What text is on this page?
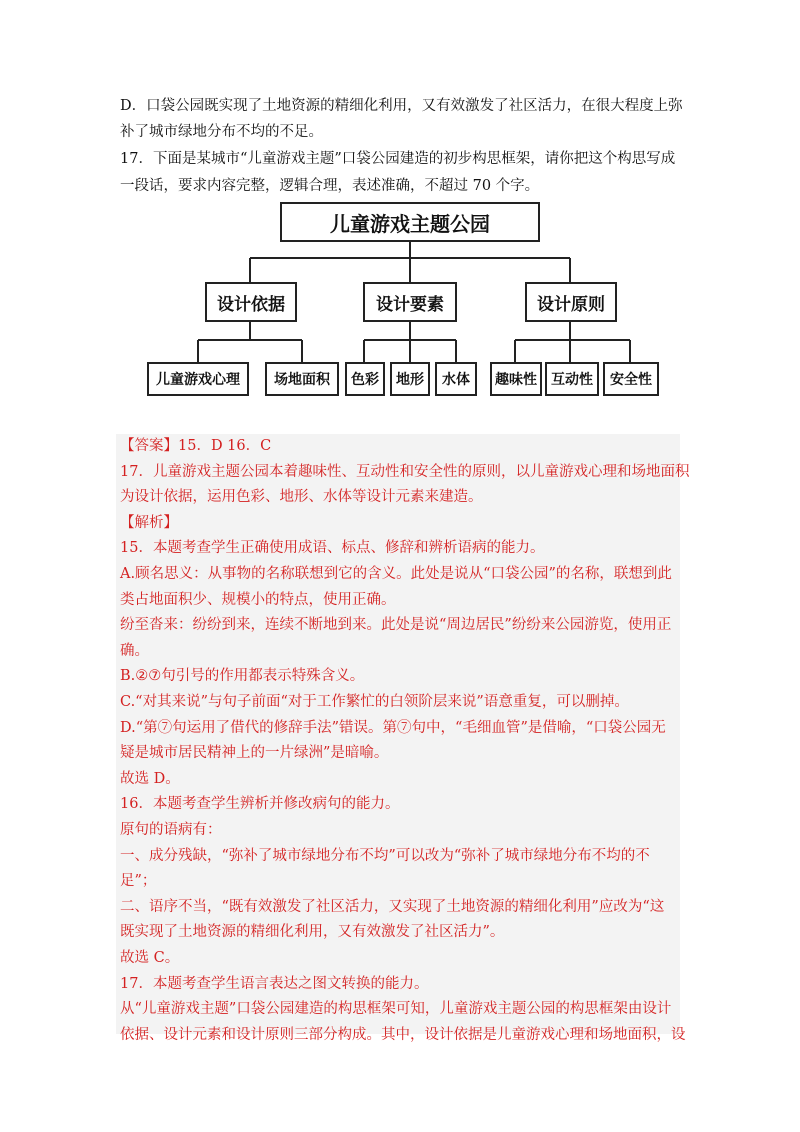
D．口袋公园既实现了土地资源的精细化利用，又有效激发了社区活力，在很大程度上弥
补了城市绿地分布不均的不足。
17．下面是某城市“儿童游戏主题”口袋公园建造的初步构思框架，请你把这个构思写成
一段话，要求内容完整，逻辑合理，表述准确，不超过 70 个字。
儿童游戏主题公园
设计依据	设计要素	设计原则
儿童游戏心理	场地面积	色彩	地形	水体	趣味性	互动性	安全性
【答案】15．D 16．C
17．儿童游戏主题公园本着趣味性、互动性和安全性的原则，以儿童游戏心理和场地面积
为设计依据，运用色彩、地形、水体等设计元素来建造。
【解析】
15．本题考查学生正确使用成语、标点、修辞和辨析语病的能力。
A.顾名思义：从事物的名称联想到它的含义。此处是说从“口袋公园”的名称，联想到此
类占地面积少、规模小的特点，使用正确。
纷至沓来：纷纷到来，连续不断地到来。此处是说“周边居民”纷纷来公园游览，使用正
确。
B.②⑦句引号的作用都表示特殊含义。
C.“对其来说”与句子前面“对于工作繁忙的白领阶层来说”语意重复，可以删掉。
D.“第⑦句运用了借代的修辞手法”错误。第⑦句中，“毛细血管”是借喻，“口袋公园无
疑是城市居民精神上的一片绿洲”是暗喻。
故选 D。
16．本题考查学生辨析并修改病句的能力。
原句的语病有：
一、成分残缺，“弥补了城市绿地分布不均”可以改为“弥补了城市绿地分布不均的不
足”；
二、语序不当，“既有效激发了社区活力，又实现了土地资源的精细化利用”应改为“这
既实现了土地资源的精细化利用，又有效激发了社区活力”。
故选 C。
17．本题考查学生语言表达之图文转换的能力。
从“儿童游戏主题”口袋公园建造的构思框架可知，儿童游戏主题公园的构思框架由设计
依据、设计元素和设计原则三部分构成。其中，设计依据是儿童游戏心理和场地面积，设
